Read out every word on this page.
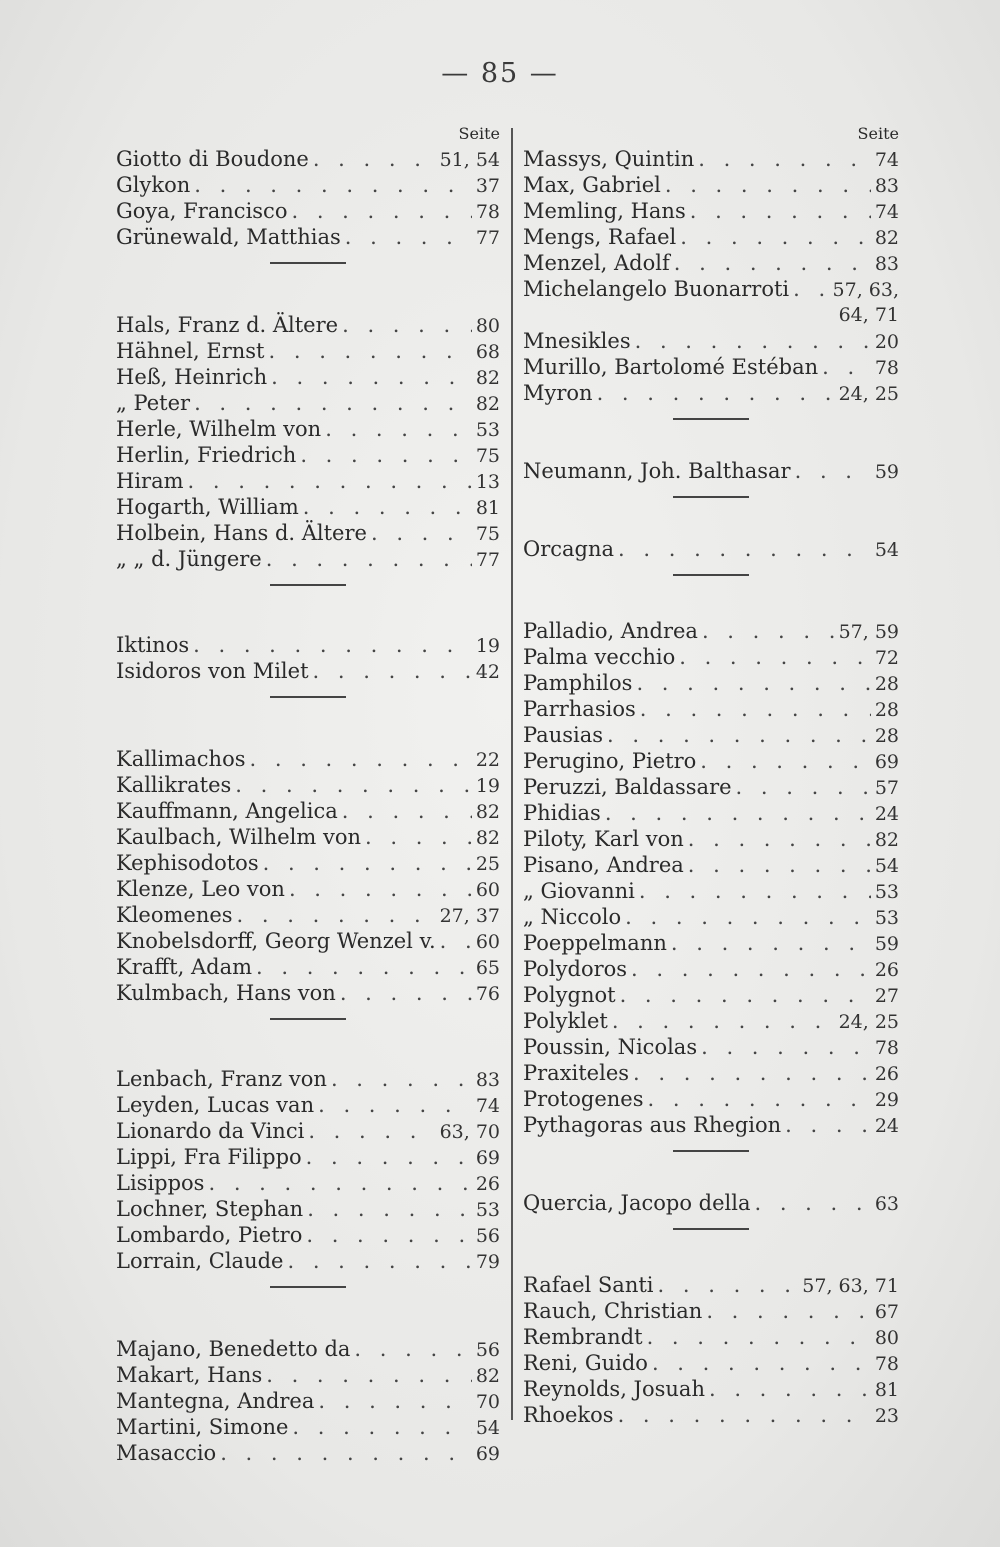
— 85 —
Seite
Giotto di Boudone . . .	51, 54
Glykon . . .	37
Goya, Francisco . . .	78
Grünewald, Matthias . . .	77
Hals, Franz d. Ältere . . .	80
Hähnel, Ernst . . .	68
Heß, Heinrich . . .	82
„ Peter . . .	82
Herle, Wilhelm von . . .	53
Herlin, Friedrich . . .	75
Hiram . . .	13
Hogarth, William . . .	81
Holbein, Hans d. Ältere . . .	75
„ „ d. Jüngere . . .	77
Iktinos . . .	19
Isidoros von Milet . . .	42
Kallimachos . . .	22
Kallikrates . . .	19
Kauffmann, Angelica . . .	82
Kaulbach, Wilhelm von . . .	82
Kephisodotos . . .	25
Klenze, Leo von . . .	60
Kleomenes . . .	27, 37
Knobelsdorff, Georg Wenzel v. . . . 60
Krafft, Adam . . .	65
Kulmbach, Hans von . . .	76
Lenbach, Franz von . . .	83
Leyden, Lucas van . . .	74
Lionardo da Vinci . . .	63, 70
Lippi, Fra Filippo . . .	69
Lisippos . . .	26
Lochner, Stephan . . .	53
Lombardo, Pietro . . .	56
Lorrain, Claude . . .	79
Majano, Benedetto da . . .	56
Makart, Hans . . .	82
Mantegna, Andrea . . .	70
Martini, Simone . . .	54
Masaccio . . .	69
Seite
Massys, Quintin . . .	74
Max, Gabriel . . .	83
Memling, Hans . . .	74
Mengs, Rafael . . .	82
Menzel, Adolf . . .	83
Michelangelo Buonarroti . . . 57, 63,
64, 71
Mnesikles . . .	20
Murillo, Bartolomé Estéban . . .	78
Myron . . .	24, 25
Neumann, Joh. Balthasar . . .	59
Orcagna . . .	54
Palladio, Andrea . . .	57, 59
Palma vecchio . . .	72
Pamphilos . . .	28
Parrhasios . . .	28
Pausias . . .	28
Perugino, Pietro . . .	69
Peruzzi, Baldassare . . .	57
Phidias . . .	24
Piloty, Karl von . . .	82
Pisano, Andrea . . .	54
„ Giovanni . . .	53
„ Niccolo . . .	53
Poeppelmann . . .	59
Polydoros . . .	26
Polygnot . . .	27
Polyklet . . .	24, 25
Poussin, Nicolas . . .	78
Praxiteles . . .	26
Protogenes . . .	29
Pythagoras aus Rhegion . . .	24
Quercia, Jacopo della . . .	63
Rafael Santi . . .	57, 63, 71
Rauch, Christian . . .	67
Rembrandt . . .	80
Reni, Guido . . .	78
Reynolds, Josuah . . .	81
Rhoekos . . .	23
